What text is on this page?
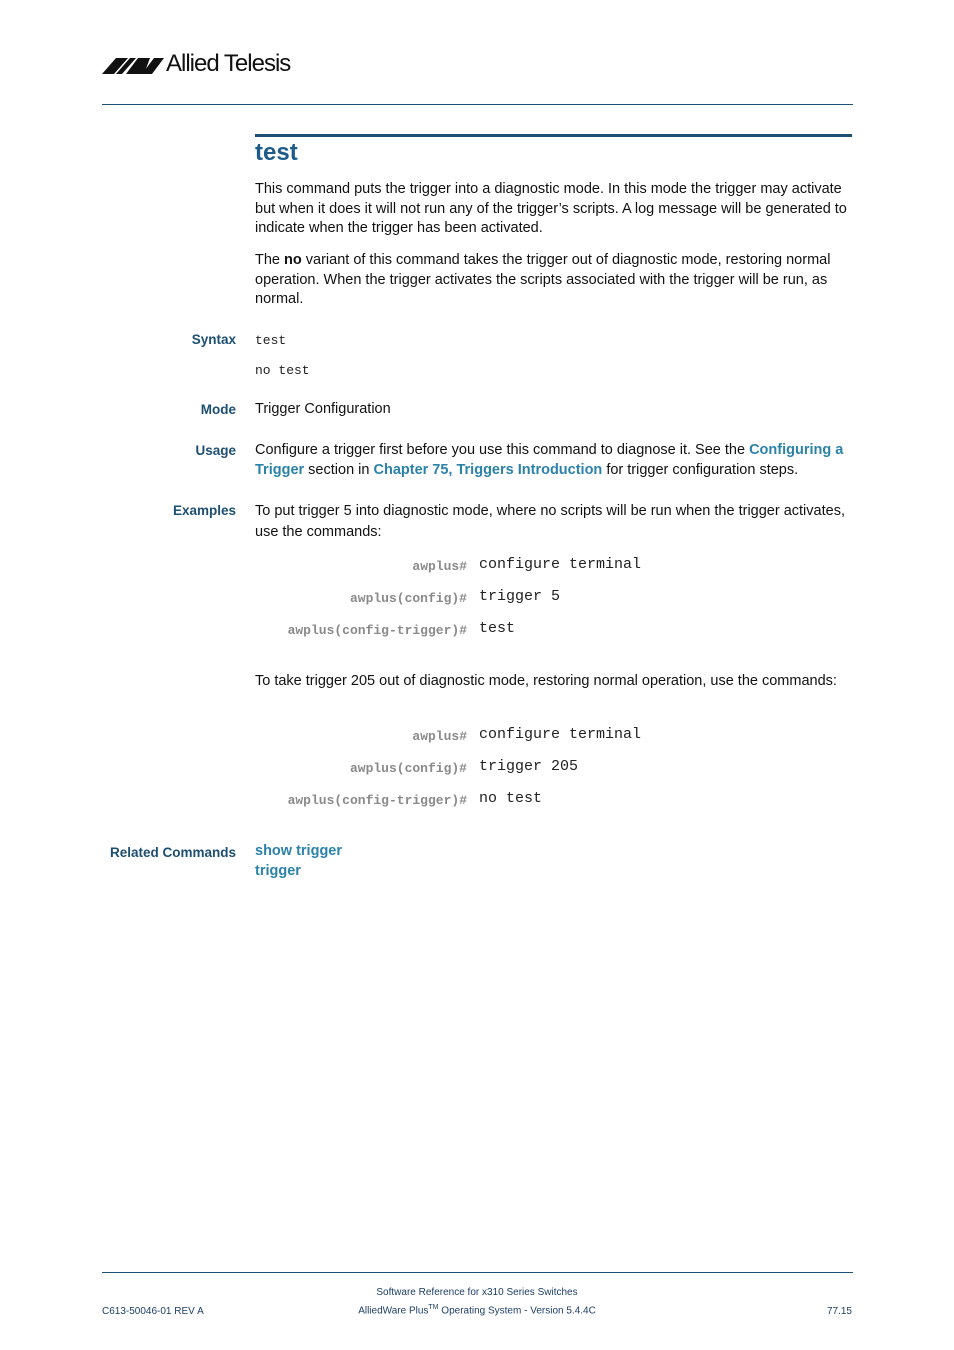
Allied Telesis
test
This command puts the trigger into a diagnostic mode. In this mode the trigger may activate but when it does it will not run any of the trigger’s scripts. A log message will be generated to indicate when the trigger has been activated.
The no variant of this command takes the trigger out of diagnostic mode, restoring normal operation. When the trigger activates the scripts associated with the trigger will be run, as normal.
Syntax test
no test
Mode Trigger Configuration
Usage Configure a trigger first before you use this command to diagnose it. See the Configuring a Trigger section in Chapter 75, Triggers Introduction for trigger configuration steps.
Examples To put trigger 5 into diagnostic mode, where no scripts will be run when the trigger activates, use the commands:
awplus# configure terminal
awplus(config)# trigger 5
awplus(config-trigger)# test
To take trigger 205 out of diagnostic mode, restoring normal operation, use the commands:
awplus# configure terminal
awplus(config)# trigger 205
awplus(config-trigger)# no test
Related Commands show trigger
trigger
Software Reference for x310 Series Switches
C613-50046-01 REV A	AlliedWare Plus™ Operating System - Version 5.4.4C	77.15
